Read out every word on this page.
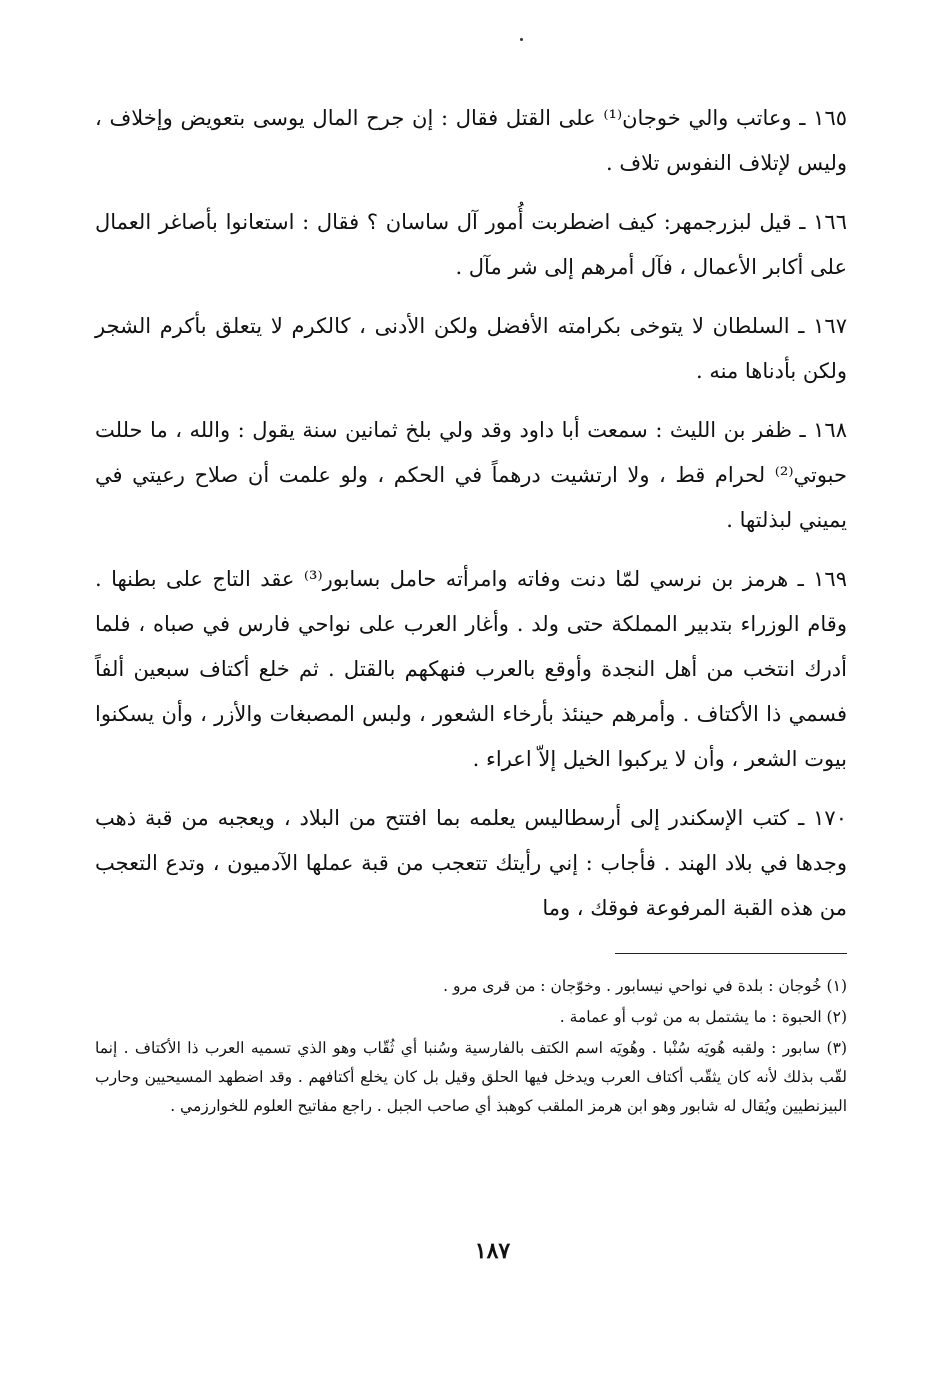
١٦٥ ـ وعاتب والي خوجان⁽¹⁾ على القتل فقال : إن جرح المال يوسى بتعويض وإخلاف ، وليس لإتلاف النفوس تلاف .

١٦٦ ـ قيل لبزرجمهر: كيف اضطربت أُمور آل ساسان ؟ فقال : استعانوا بأصاغر العمال على أكابر الأعمال ، فآل أمرهم إلى شر مآل .

١٦٧ ـ السلطان لا يتوخى بكرامته الأفضل ولكن الأدنى ، كالكرم لا يتعلق بأكرم الشجر ولكن بأدناها منه .

١٦٨ ـ ظفر بن الليث : سمعت أبا داود وقد ولي بلخ ثمانين سنة يقول : والله ، ما حللت حبوتي⁽²⁾ لحرام قط ، ولا ارتشيت درهماً في الحكم ، ولو علمت أن صلاح رعيتي في يميني لبذلتها .

١٦٩ ـ هرمز بن نرسي لمّا دنت وفاته وامرأته حامل بسابور⁽³⁾ عقد التاج على بطنها . وقام الوزراء بتدبير المملكة حتى ولد . وأغار العرب على نواحي فارس في صباه ، فلما أدرك انتخب من أهل النجدة وأوقع بالعرب فنهكهم بالقتل . ثم خلع أكتاف سبعين ألفاً فسمي ذا الأكتاف . وأمرهم حينئذ بأرخاء الشعور ، ولبس المصبغات والأزر ، وأن يسكنوا بيوت الشعر ، وأن لا يركبوا الخيل إلاّ اعراء .

١٧٠ ـ كتب الإسكندر إلى أرسطاليس يعلمه بما افتتح من البلاد ، ويعجبه من قبة ذهب وجدها في بلاد الهند . فأجاب : إني رأيتك تتعجب من قبة عملها الآدميون ، وتدع التعجب من هذه القبة المرفوعة فوقك ، وما

(١) خُوجان : بلدة في نواحي نيسابور . وخوّجان : من قرى مرو .

(٢) الحبوة : ما يشتمل به من ثوب أو عمامة .

(٣) سابور : ولقبه هُويَه سُنْبا . وهُويَه اسم الكتف بالفارسية وسُنبا أي ثُقّاب وهو الذي تسميه العرب ذا الأكتاف . إنما لقّب بذلك لأنه كان يثقّب أكتاف العرب ويدخل فيها الحلق وقيل بل كان يخلع أكتافهم . وقد اضطهد المسيحيين وحارب البيزنطيين ويُقال له شابور وهو ابن هرمز الملقب كوهبذ أي صاحب الجبل . راجع مفاتيح العلوم للخوارزمي .

١٨٧
